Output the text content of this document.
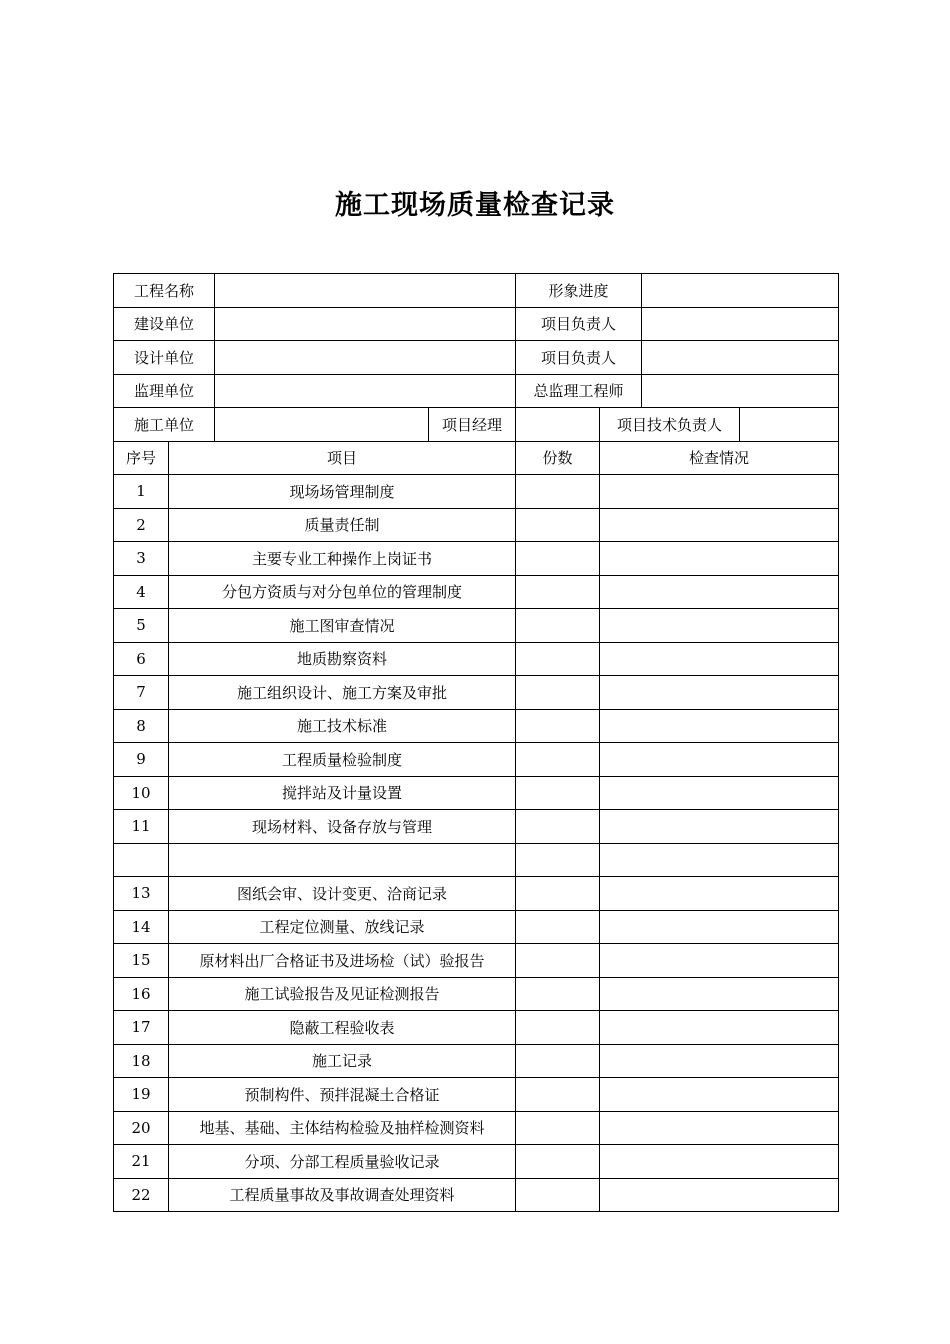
施工现场质量检查记录
工程名称				形象进度			
建设单位				项目负责人			
设计单位				项目负责人			
监理单位				总监理工程师			
施工单位			项目经理		项目技术负责人		
序号	项目			份数	检查情况		
1	现场场管理制度						
2	质量责任制						
3	主要专业工种操作上岗证书						
4	分包方资质与对分包单位的管理制度						
5	施工图审查情况						
6	地质勘察资料						
7	施工组织设计、施工方案及审批						
8	施工技术标准						
9	工程质量检验制度						
10	搅拌站及计量设置						
11	现场材料、设备存放与管理						

13	图纸会审、设计变更、洽商记录						
14	工程定位测量、放线记录						
15	原材料出厂合格证书及进场检（试）验报告						
16	施工试验报告及见证检测报告						
17	隐蔽工程验收表						
18	施工记录						
19	预制构件、预拌混凝土合格证						
20	地基、基础、主体结构检验及抽样检测资料						
21	分项、分部工程质量验收记录						
22	工程质量事故及事故调查处理资料						
